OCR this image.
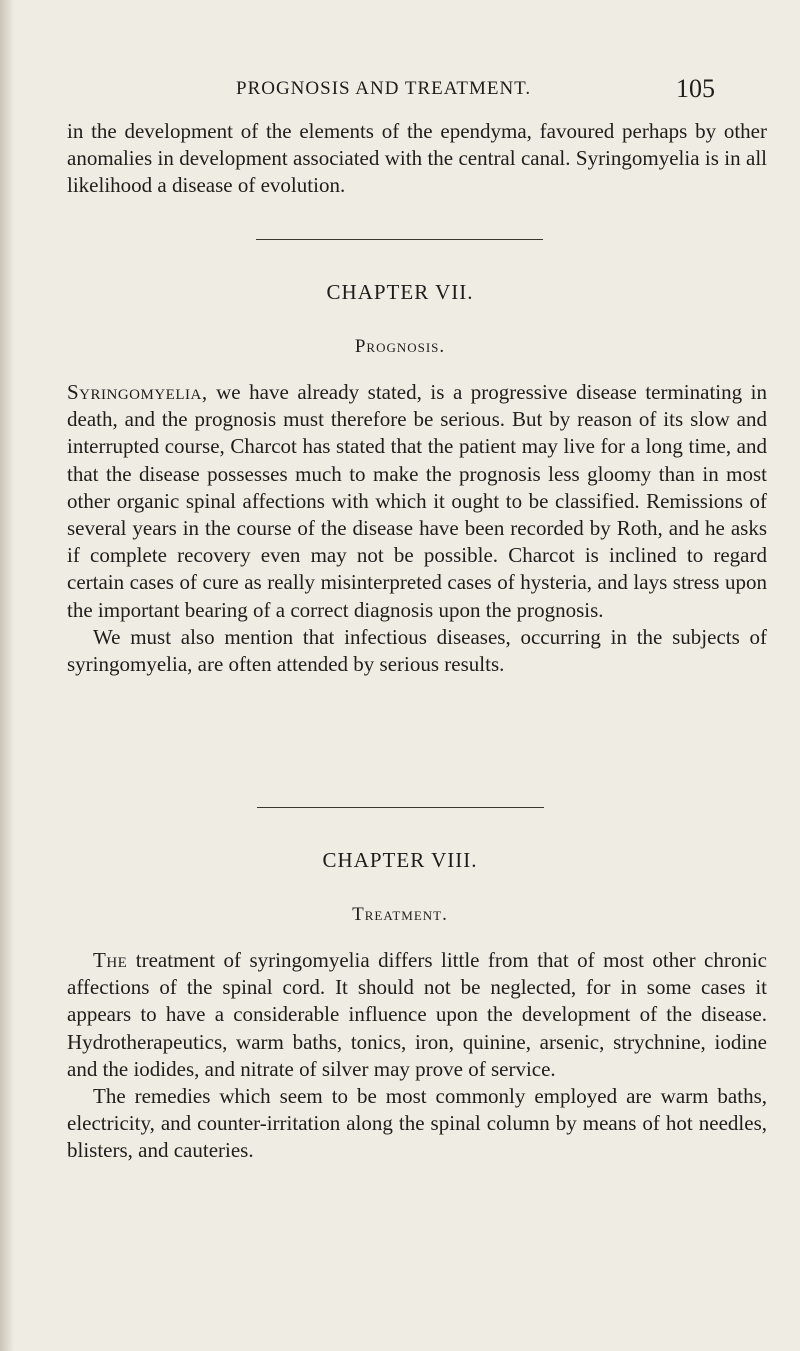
PROGNOSIS AND TREATMENT.	105

in the development of the elements of the ependyma, favoured perhaps by other anomalies in development associated with the central canal. Syringomyelia is in all likelihood a disease of evolution.

CHAPTER VII.
Prognosis.

Syringomyelia, we have already stated, is a progressive disease terminating in death, and the prognosis must therefore be serious. But by reason of its slow and interrupted course, Charcot has stated that the patient may live for a long time, and that the disease possesses much to make the prognosis less gloomy than in most other organic spinal affections with which it ought to be classified. Remissions of several years in the course of the disease have been recorded by Roth, and he asks if complete recovery even may not be possible. Charcot is inclined to regard certain cases of cure as really misinterpreted cases of hysteria, and lays stress upon the important bearing of a correct diagnosis upon the prognosis.

We must also mention that infectious diseases, occurring in the subjects of syringomyelia, are often attended by serious results.

CHAPTER VIII.
Treatment.

The treatment of syringomyelia differs little from that of most other chronic affections of the spinal cord. It should not be neglected, for in some cases it appears to have a considerable influence upon the development of the disease. Hydrotherapeutics, warm baths, tonics, iron, quinine, arsenic, strychnine, iodine and the iodides, and nitrate of silver may prove of service.

The remedies which seem to be most commonly employed are warm baths, electricity, and counter-irritation along the spinal column by means of hot needles, blisters, and cauteries.
